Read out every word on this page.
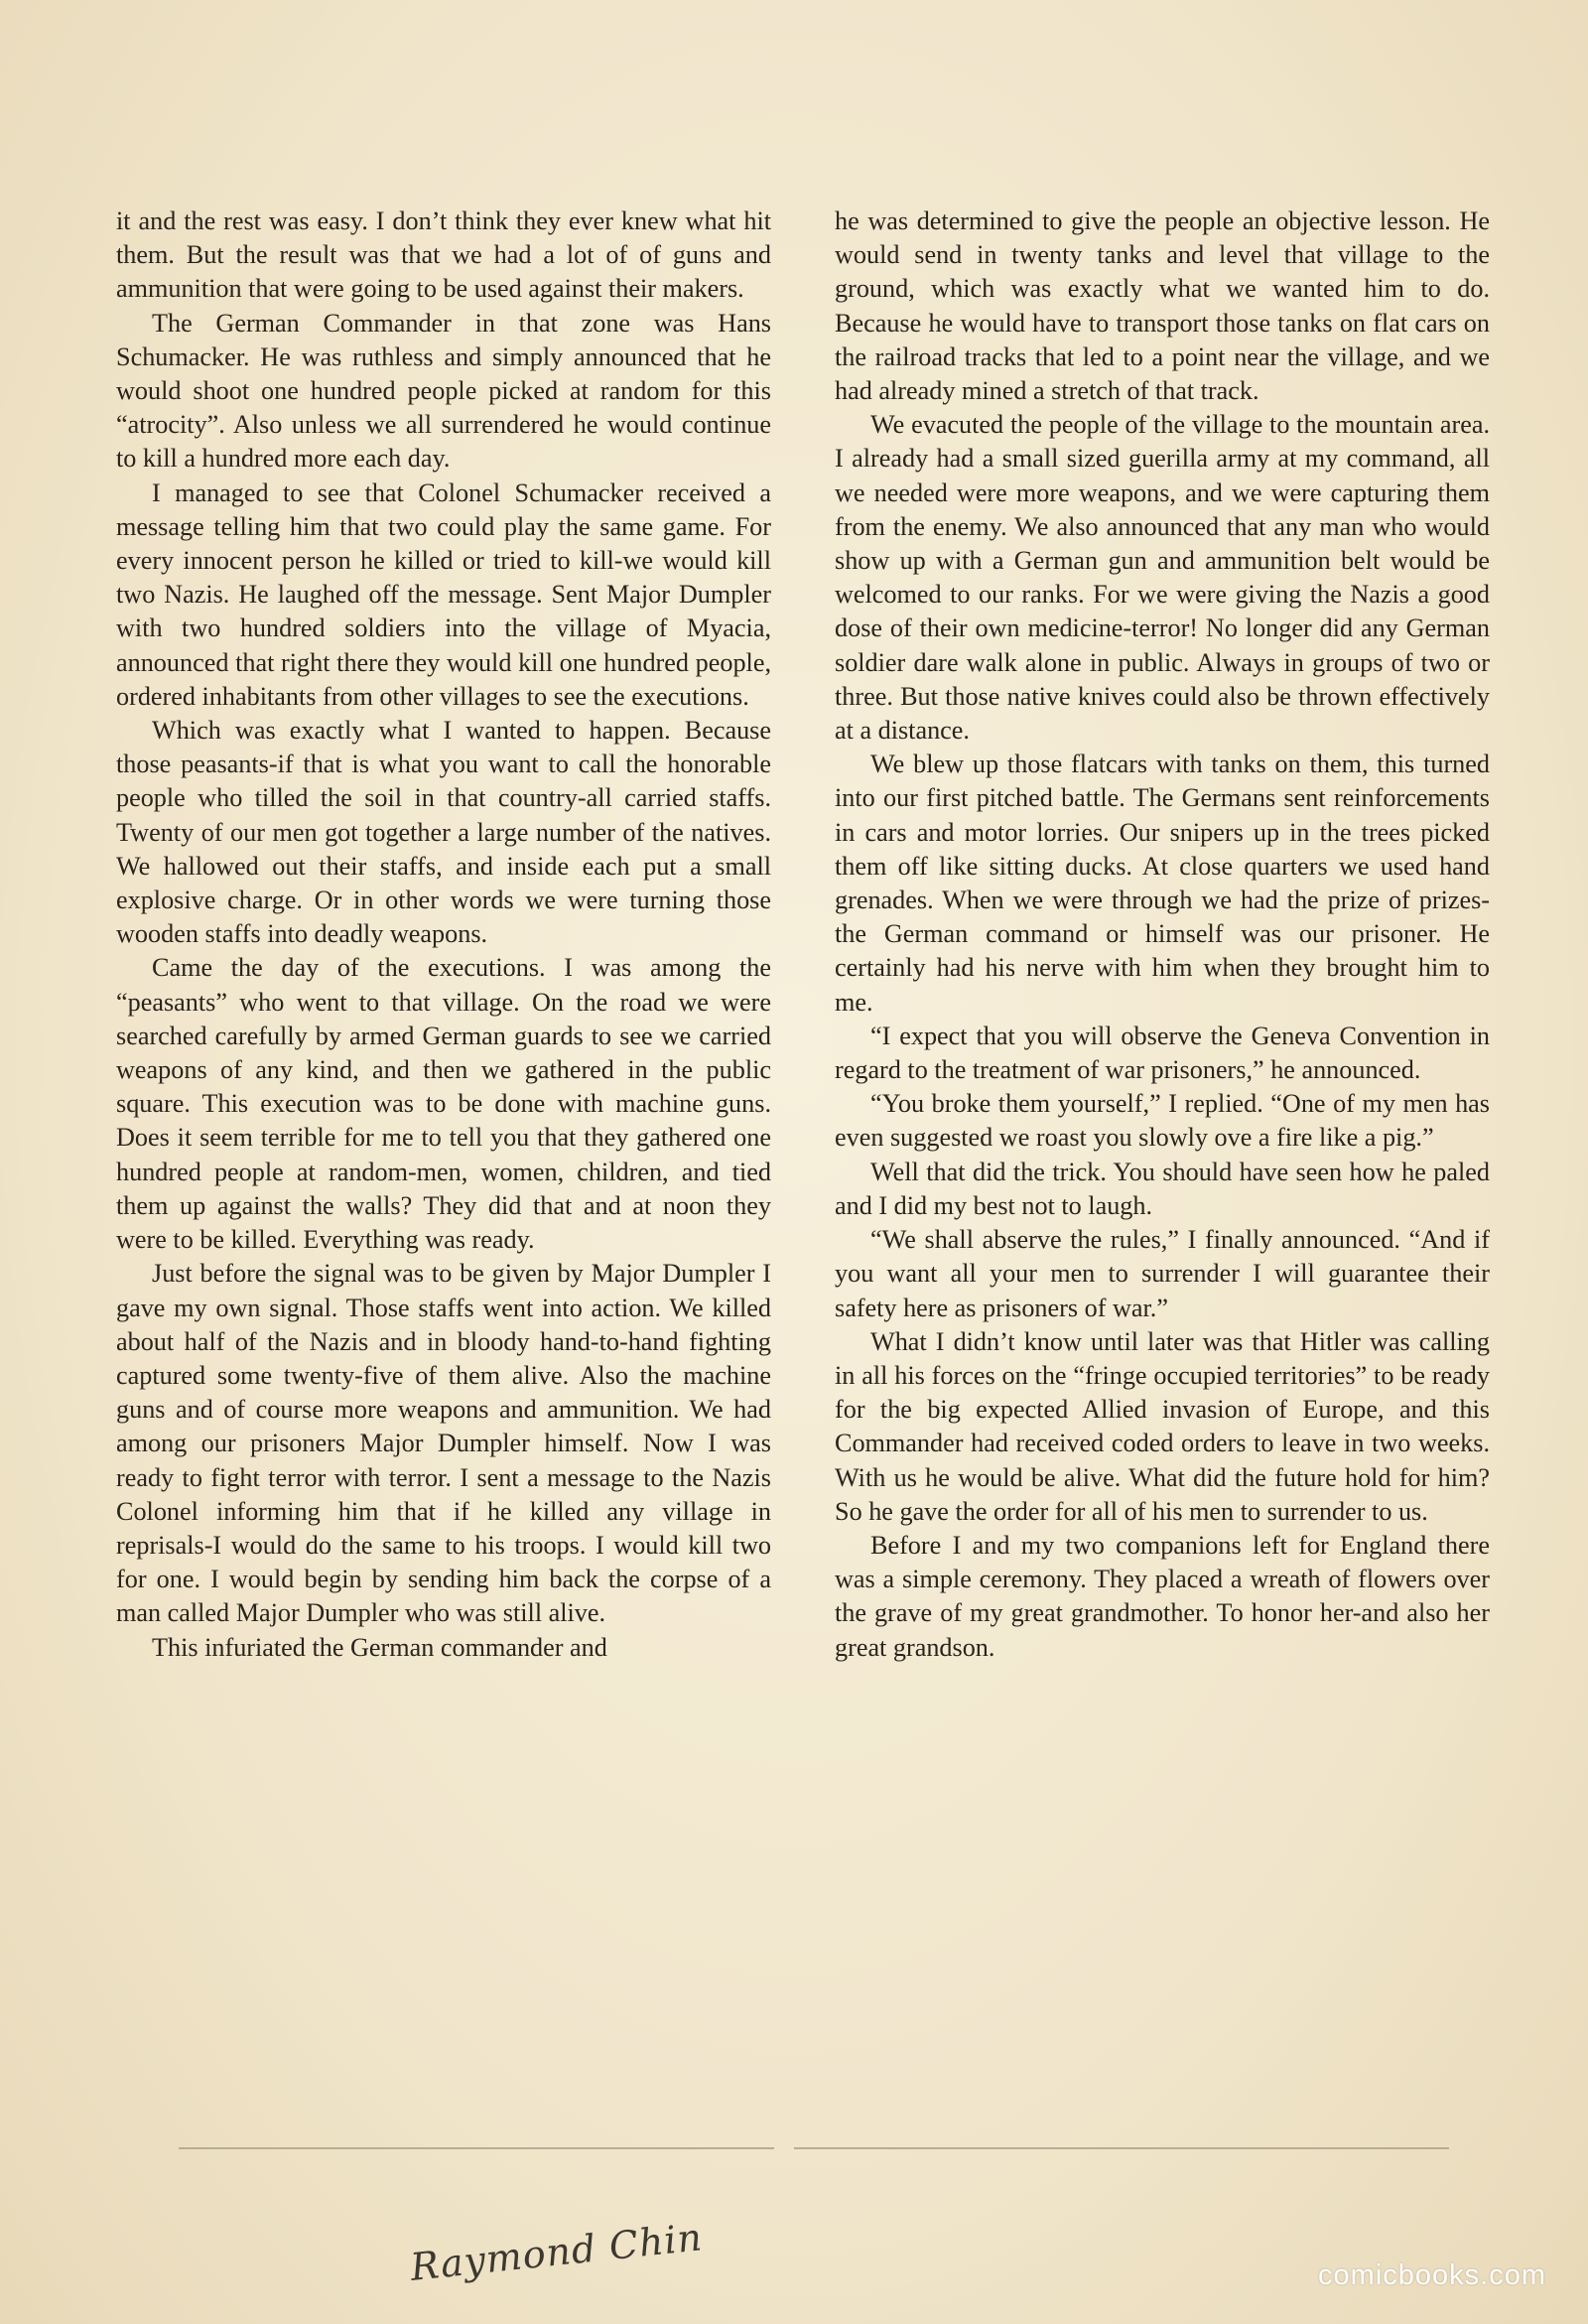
it and the rest was easy. I don’t think they ever knew what hit them. But the result was that we had a lot of of guns and ammunition that were going to be used against their makers.

The German Commander in that zone was Hans Schumacker. He was ruthless and simply announced that he would shoot one hundred people picked at random for this “atrocity”. Also unless we all surrendered he would continue to kill a hundred more each day.

I managed to see that Colonel Schumacker received a message telling him that two could play the same game. For every innocent person he killed or tried to kill-we would kill two Nazis. He laughed off the message. Sent Major Dumpler with two hundred soldiers into the village of Myacia, announced that right there they would kill one hundred people, ordered inhabitants from other villages to see the executions.

Which was exactly what I wanted to happen. Because those peasants-if that is what you want to call the honorable people who tilled the soil in that country-all carried staffs. Twenty of our men got together a large number of the natives. We hallowed out their staffs, and inside each put a small explosive charge. Or in other words we were turning those wooden staffs into deadly weapons.

Came the day of the executions. I was among the “peasants” who went to that village. On the road we were searched carefully by armed German guards to see we carried weapons of any kind, and then we gathered in the public square. This execution was to be done with machine guns. Does it seem terrible for me to tell you that they gathered one hundred people at random-men, women, children, and tied them up against the walls? They did that and at noon they were to be killed. Everything was ready.

Just before the signal was to be given by Major Dumpler I gave my own signal. Those staffs went into action. We killed about half of the Nazis and in bloody hand-to-hand fighting captured some twenty-five of them alive. Also the machine guns and of course more weapons and ammunition. We had among our prisoners Major Dumpler himself. Now I was ready to fight terror with terror. I sent a message to the Nazis Colonel informing him that if he killed any village in reprisals-I would do the same to his troops. I would kill two for one. I would begin by sending him back the corpse of a man called Major Dumpler who was still alive.

This infuriated the German commander and

he was determined to give the people an objective lesson. He would send in twenty tanks and level that village to the ground, which was exactly what we wanted him to do. Because he would have to transport those tanks on flat cars on the railroad tracks that led to a point near the village, and we had already mined a stretch of that track.

We evacuted the people of the village to the mountain area. I already had a small sized guerilla army at my command, all we needed were more weapons, and we were capturing them from the enemy. We also announced that any man who would show up with a German gun and ammunition belt would be welcomed to our ranks. For we were giving the Nazis a good dose of their own medicine-terror! No longer did any German soldier dare walk alone in public. Always in groups of two or three. But those native knives could also be thrown effectively at a distance.

We blew up those flatcars with tanks on them, this turned into our first pitched battle. The Germans sent reinforcements in cars and motor lorries. Our snipers up in the trees picked them off like sitting ducks. At close quarters we used hand grenades. When we were through we had the prize of prizes-the German command or himself was our prisoner. He certainly had his nerve with him when they brought him to me.

“I expect that you will observe the Geneva Convention in regard to the treatment of war prisoners,” he announced.

“You broke them yourself,” I replied. “One of my men has even suggested we roast you slowly ove a fire like a pig.”

Well that did the trick. You should have seen how he paled and I did my best not to laugh.

“We shall abserve the rules,” I finally announced. “And if you want all your men to surrender I will guarantee their safety here as prisoners of war.”

What I didn’t know until later was that Hitler was calling in all his forces on the “fringe occupied territories” to be ready for the big expected Allied invasion of Europe, and this Commander had received coded orders to leave in two weeks. With us he would be alive. What did the future hold for him? So he gave the order for all of his men to surrender to us.

Before I and my two companions left for England there was a simple ceremony. They placed a wreath of flowers over the grave of my great grandmother. To honor her-and also her great grandson.

Raymond Chin	comicbooks.com
